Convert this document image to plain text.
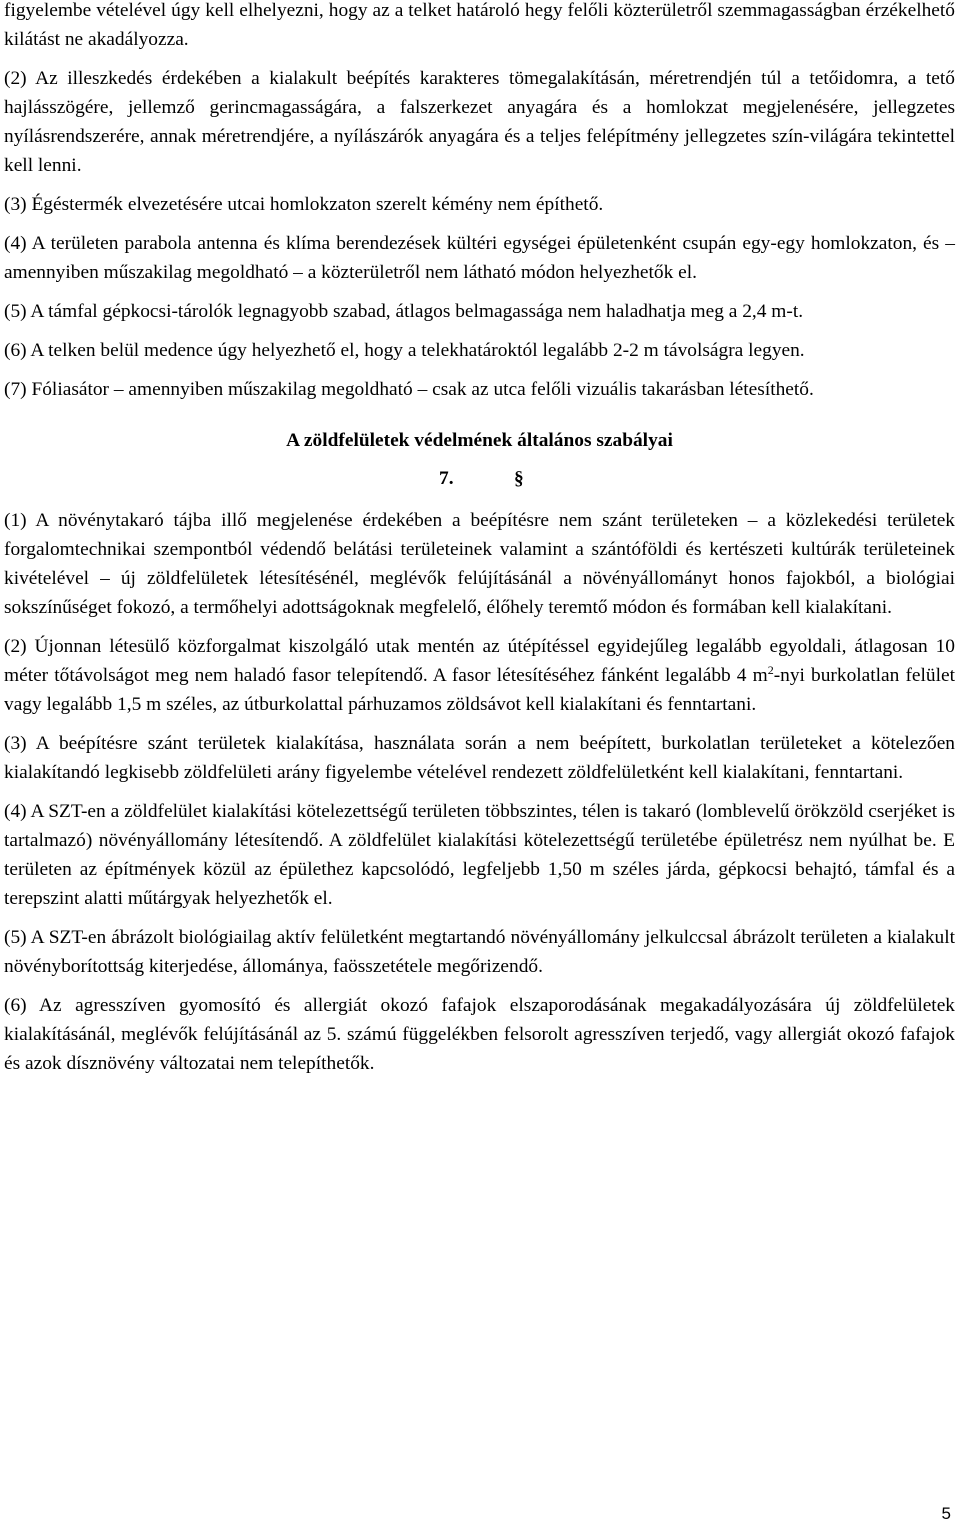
figyelembe vételével úgy kell elhelyezni, hogy az a telket határoló hegy felőli közterületről szemmagasságban érzékelhető kilátást ne akadályozza.

(2) Az illeszkedés érdekében a kialakult beépítés karakteres tömegalakításán, méretrendjén túl a tetőidomra, a tető hajlásszögére, jellemző gerincmagasságára, a falszerkezet anyagára és a homlokzat megjelenésére, jellegzetes nyílásrendszerére, annak méretrendjére, a nyílászárók anyagára és a teljes felépítmény jellegzetes szín-világára tekintettel kell lenni.

(3) Égéstermék elvezetésére utcai homlokzaton szerelt kémény nem építhető.

(4) A területen parabola antenna és klíma berendezések kültéri egységei épületenként csupán egy-egy homlokzaton, és – amennyiben műszakilag megoldható – a közterületről nem látható módon helyezhetők el.

(5) A támfal gépkocsi-tárolók legnagyobb szabad, átlagos belmagassága nem haladhatja meg a 2,4 m-t.

(6) A telken belül medence úgy helyezhető el, hogy a telekhatároktól legalább 2-2 m távolságra legyen.

(7) Fóliasátor – amennyiben műszakilag megoldható – csak az utca felőli vizuális takarásban létesíthető.

A zöldfelületek védelmének általános szabályai
7.	§

(1) A növénytakaró tájba illő megjelenése érdekében a beépítésre nem szánt területeken – a közlekedési területek forgalomtechnikai szempontból védendő belátási területeinek valamint a szántóföldi és kertészeti kultúrák területeinek kivételével – új zöldfelületek létesítésénél, meglévők felújításánál a növényállományt honos fajokból, a biológiai sokszínűséget fokozó, a termőhelyi adottságoknak megfelelő, élőhely teremtő módon és formában kell kialakítani.

(2) Újonnan létesülő közforgalmat kiszolgáló utak mentén az útépítéssel egyidejűleg legalább egyoldali, átlagosan 10 méter tőtávolságot meg nem haladó fasor telepítendő. A fasor létesítéséhez fánként legalább 4 $m^2$-nyi burkolatlan felület vagy legalább 1,5 m széles, az útburkolattal párhuzamos zöldsávot kell kialakítani és fenntartani.

(3) A beépítésre szánt területek kialakítása, használata során a nem beépített, burkolatlan területeket a kötelezően kialakítandó legkisebb zöldfelületi arány figyelembe vételével rendezett zöldfelületként kell kialakítani, fenntartani.

(4) A SZT-en a zöldfelület kialakítási kötelezettségű területen többszintes, télen is takaró (lomblevelű örökzöld cserjéket is tartalmazó) növényállomány létesítendő. A zöldfelület kialakítási kötelezettségű területébe épületrész nem nyúlhat be. E területen az építmények közül az épülethez kapcsolódó, legfeljebb 1,50 m széles járda, gépkocsi behajtó, támfal és a terepszint alatti műtárgyak helyezhetők el.

(5) A SZT-en ábrázolt biológiailag aktív felületként megtartandó növényállomány jelkulccsal ábrázolt területen a kialakult növényborítottság kiterjedése, állománya, faösszetétele megőrizendő.

(6) Az agresszíven gyomosító és allergiát okozó fafajok elszaporodásának megakadályozására új zöldfelületek kialakításánál, meglévők felújításánál az 5. számú függelékben felsorolt agresszíven terjedő, vagy allergiát okozó fafajok és azok dísznövény változatai nem telepíthetők.

5
